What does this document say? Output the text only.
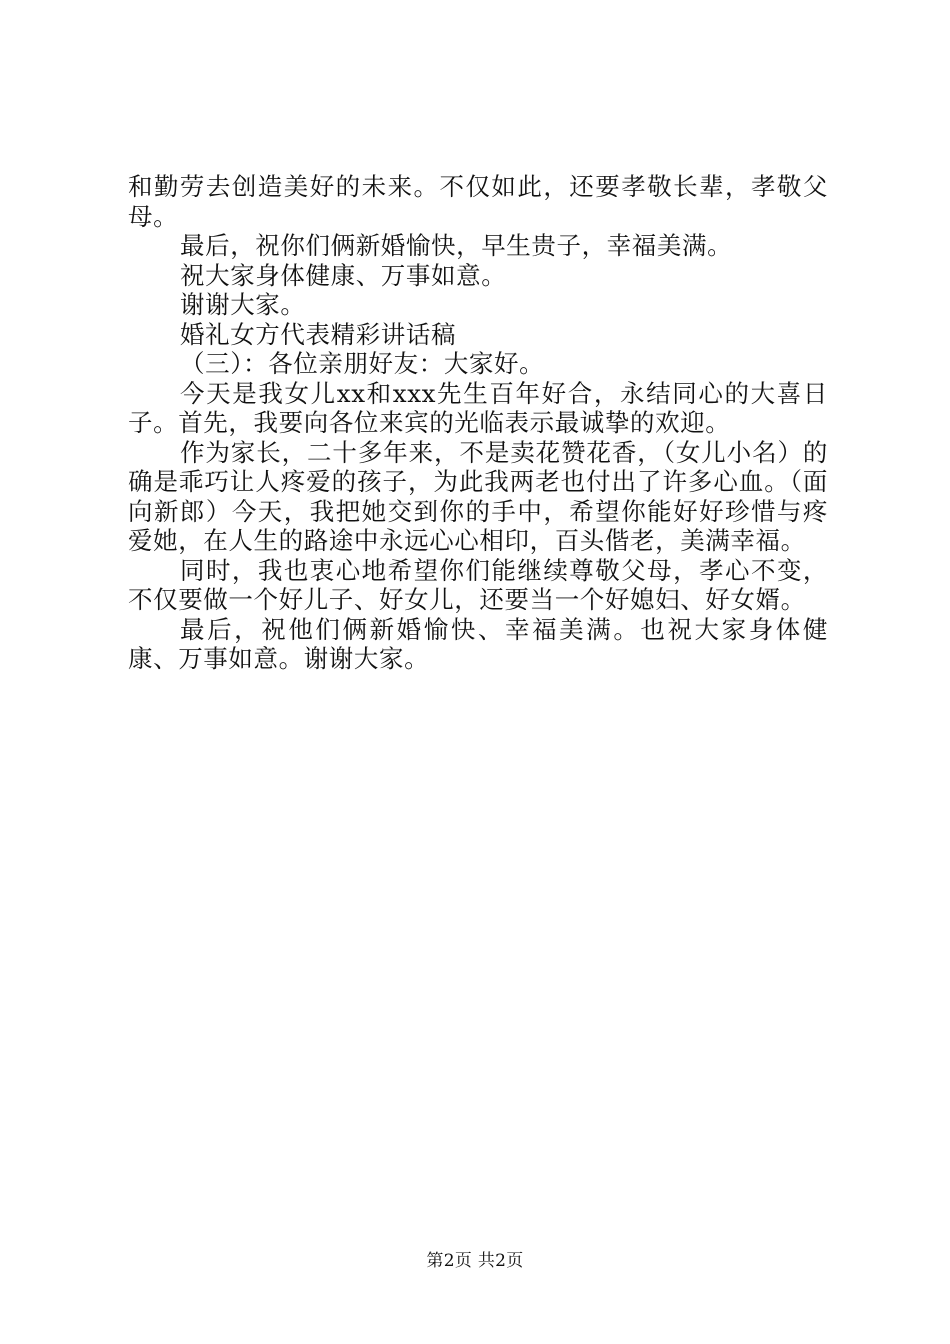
和勤劳去创造美好的未来。不仅如此，还要孝敬长辈，孝敬父母。

最后，祝你们俩新婚愉快，早生贵子，幸福美满。

祝大家身体健康、万事如意。

谢谢大家。

婚礼女方代表精彩讲话稿

（三）：各位亲朋好友：大家好。

今天是我女儿xx和xxx先生百年好合，永结同心的大喜日子。首先，我要向各位来宾的光临表示最诚挚的欢迎。

作为家长，二十多年来，不是卖花赞花香，（女儿小名）的确是乖巧让人疼爱的孩子，为此我两老也付出了许多心血。（面向新郎）今天，我把她交到你的手中，希望你能好好珍惜与疼爱她，在人生的路途中永远心心相印，百头偕老，美满幸福。

同时，我也衷心地希望你们能继续尊敬父母，孝心不变，不仅要做一个好儿子、好女儿，还要当一个好媳妇、好女婿。

最后，祝他们俩新婚愉快、幸福美满。也祝大家身体健康、万事如意。谢谢大家。

第2页 共2页
